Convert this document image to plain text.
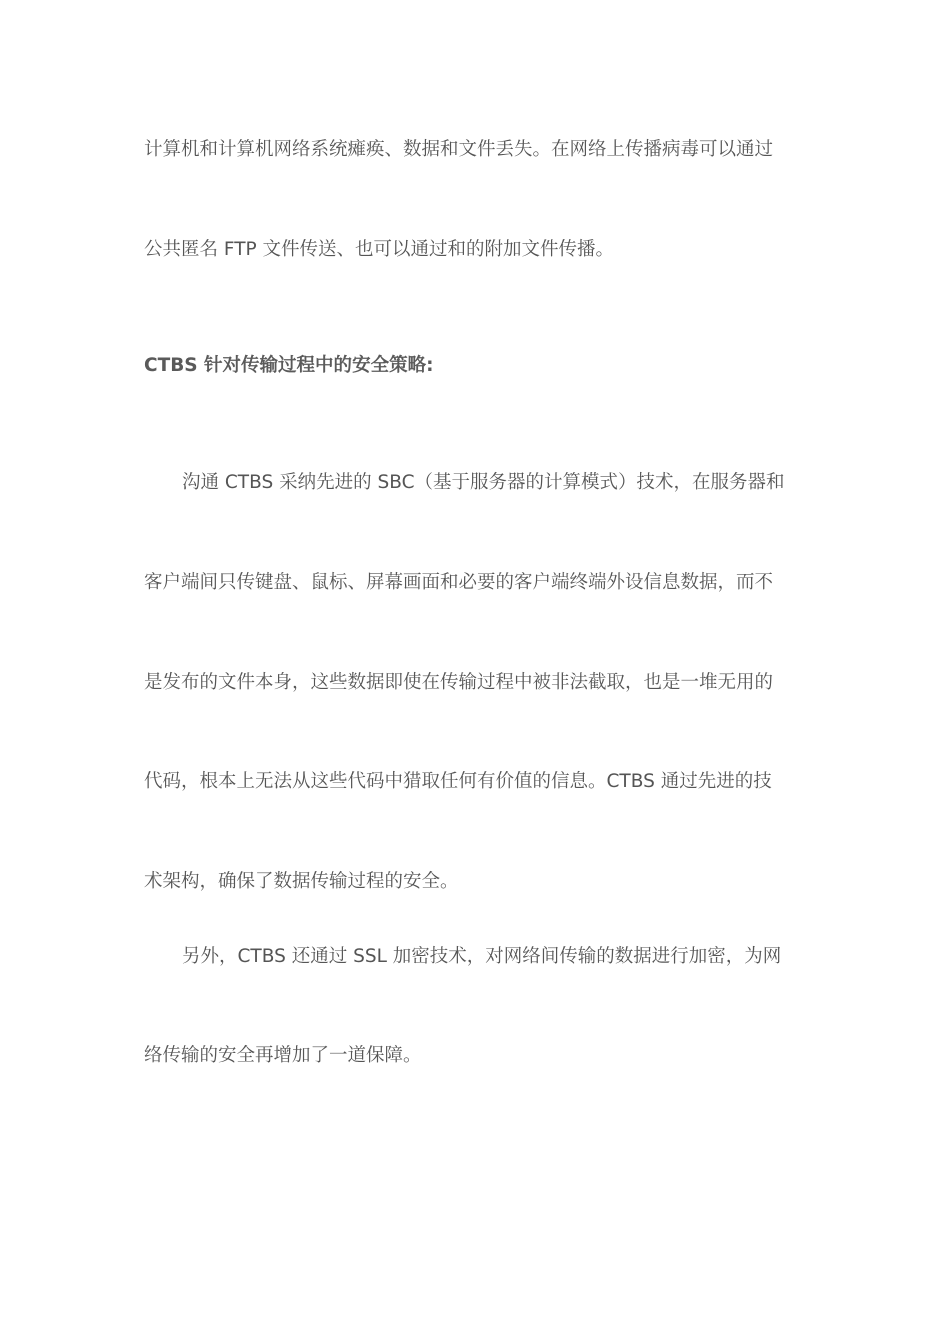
计算机和计算机网络系统瘫痪、数据和文件丢失。在网络上传播病毒可以通过
公共匿名 FTP 文件传送、也可以通过和的附加文件传播。
CTBS 针对传输过程中的安全策略:
沟通 CTBS 采纳先进的 SBC（基于服务器的计算模式）技术，在服务器和
客户端间只传键盘、鼠标、屏幕画面和必要的客户端终端外设信息数据，而不
是发布的文件本身，这些数据即使在传输过程中被非法截取，也是一堆无用的
代码，根本上无法从这些代码中猎取任何有价值的信息。CTBS 通过先进的技
术架构，确保了数据传输过程的安全。
另外，CTBS 还通过 SSL 加密技术，对网络间传输的数据进行加密，为网
络传输的安全再增加了一道保障。
